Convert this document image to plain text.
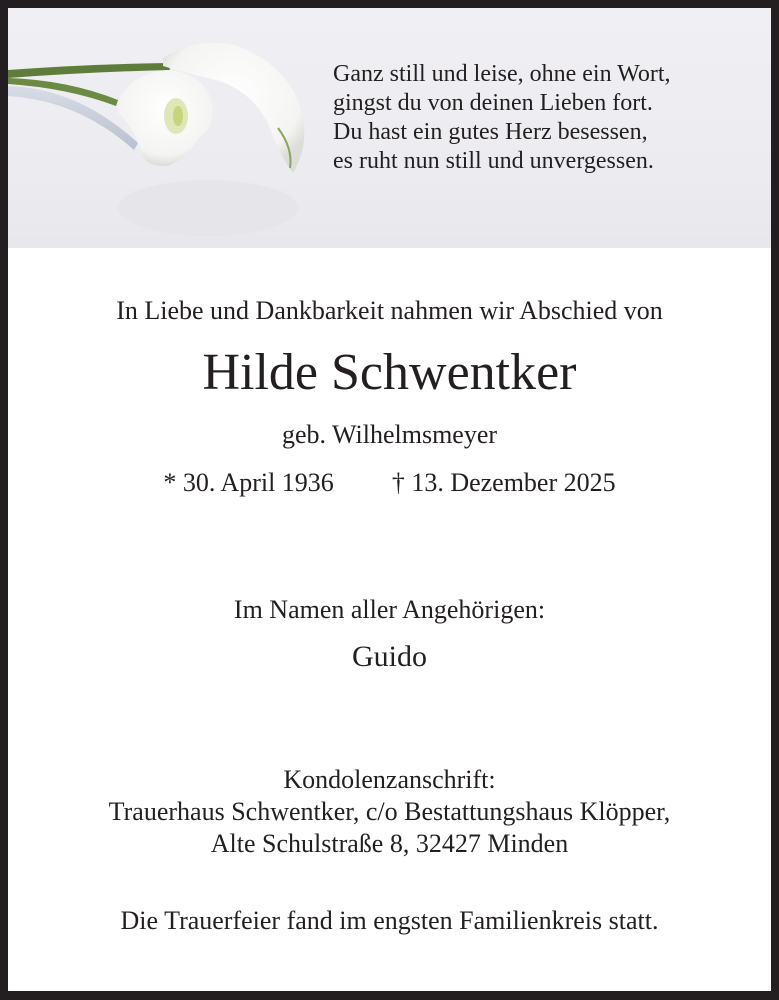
Ganz still und leise, ohne ein Wort,
gingst du von deinen Lieben fort.
Du hast ein gutes Herz besessen,
es ruht nun still und unvergessen.
In Liebe und Dankbarkeit nahmen wir Abschied von
Hilde Schwentker
geb. Wilhelmsmeyer
* 30. April 1936 † 13. Dezember 2025
Im Namen aller Angehörigen:
Guido
Kondolenzanschrift:
Trauerhaus Schwentker, c/o Bestattungshaus Klöpper,
Alte Schulstraße 8, 32427 Minden
Die Trauerfeier fand im engsten Familienkreis statt.
